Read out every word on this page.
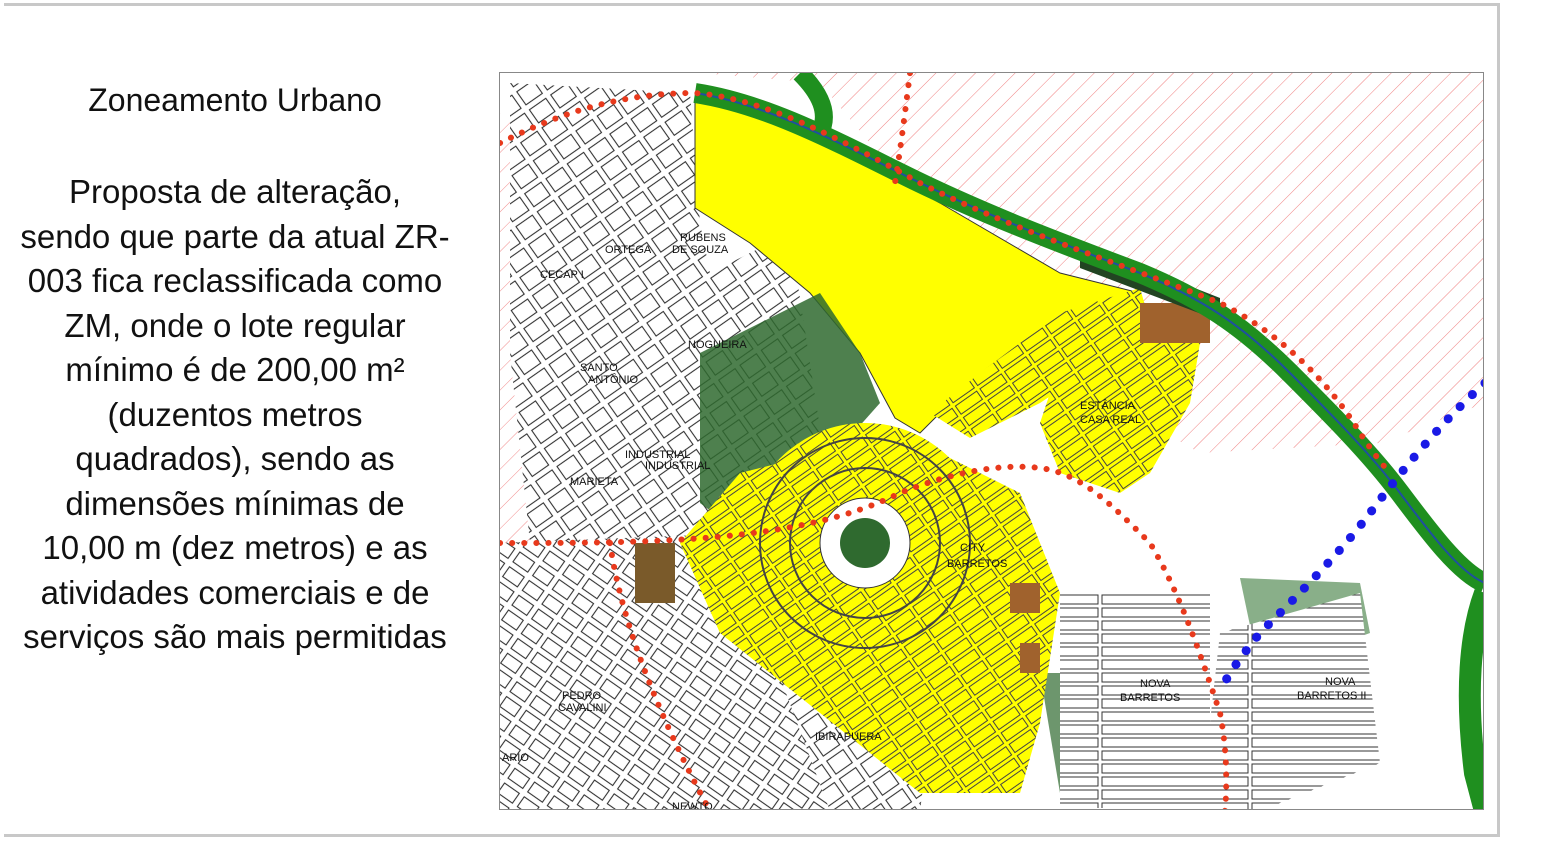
Zoneamento Urbano
Proposta de alteração, sendo que parte da atual ZR-003 fica reclassificada como ZM, onde o lote regular mínimo é de 200,00 m² (duzentos metros quadrados), sendo as dimensões mínimas de 10,00 m (dez metros) e as atividades comerciais e de serviços são mais permitidas
ORTEGA
RUBENS
DE SOUZA
CECAP I
NOGUEIRA
SANTO
ANTÔNIO
INDUSTRIAL
INDUSTRIAL
MARIETA
ESTÂNCIA
CASA REAL
CITY
BARRETOS
NOVA
BARRETOS
NOVA
BARRETOS II
PEDRO
CAVALINI
IBIRAPUERA
NEWTO
ARIO
